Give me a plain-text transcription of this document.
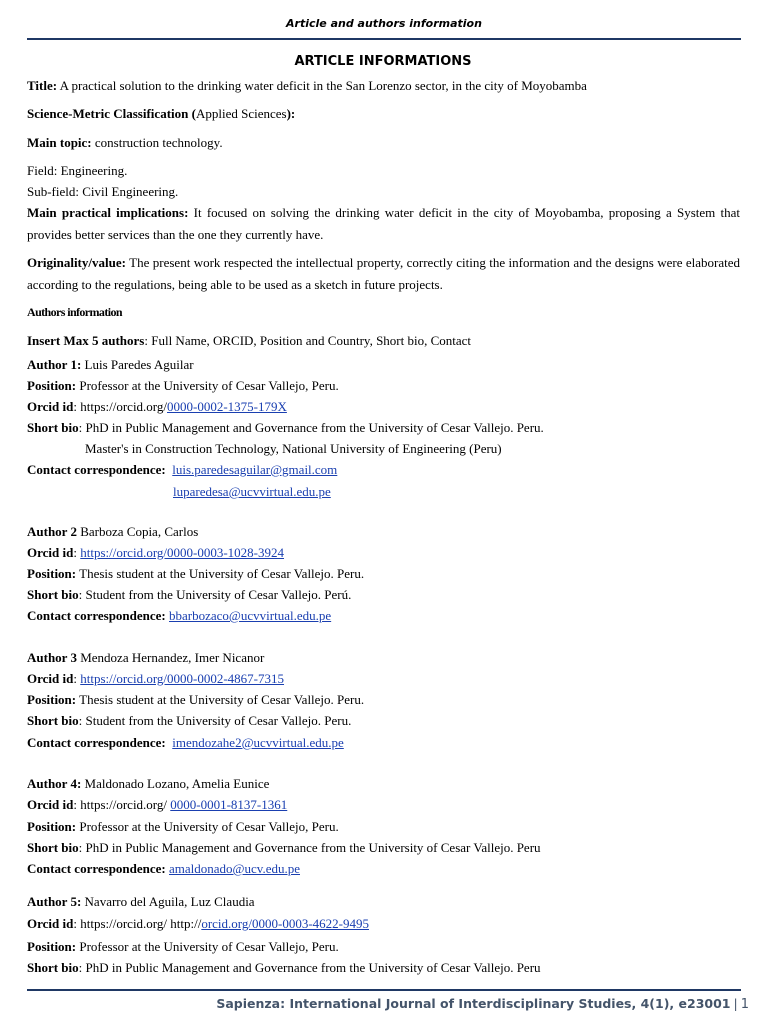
Article and authors information
ARTICLE INFORMATIONS
Title: A practical solution to the drinking water deficit in the San Lorenzo sector, in the city of Moyobamba
Science-Metric Classification (Applied Sciences):
Main topic: construction technology.
Field: Engineering.
Sub-field: Civil Engineering.
Main practical implications: It focused on solving the drinking water deficit in the city of Moyobamba, proposing a System that provides better services than the one they currently have.
Originality/value: The present work respected the intellectual property, correctly citing the information and the designs were elaborated according to the regulations, being able to be used as a sketch in future projects.
Authors information
Insert Max 5 authors: Full Name, ORCID, Position and Country, Short bio, Contact
Author 1: Luis Paredes Aguilar
Position: Professor at the University of Cesar Vallejo, Peru.
Orcid id: https://orcid.org/0000-0002-1375-179X
Short bio: PhD in Public Management and Governance from the University of Cesar Vallejo. Peru.
Master's in Construction Technology, National University of Engineering (Peru)
Contact correspondence: luis.paredesaguilar@gmail.com
luparedesa@ucvvirtual.edu.pe
Author 2 Barboza Copia, Carlos
Orcid id: https://orcid.org/0000-0003-1028-3924
Position: Thesis student at the University of Cesar Vallejo. Peru.
Short bio: Student from the University of Cesar Vallejo. Perú.
Contact correspondence: bbarbozaco@ucvvirtual.edu.pe
Author 3 Mendoza Hernandez, Imer Nicanor
Orcid id: https://orcid.org/0000-0002-4867-7315
Position: Thesis student at the University of Cesar Vallejo. Peru.
Short bio: Student from the University of Cesar Vallejo. Peru.
Contact correspondence: imendozahe2@ucvvirtual.edu.pe
Author 4: Maldonado Lozano, Amelia Eunice
Orcid id: https://orcid.org/ 0000-0001-8137-1361
Position: Professor at the University of Cesar Vallejo, Peru.
Short bio: PhD in Public Management and Governance from the University of Cesar Vallejo. Peru
Contact correspondence: amaldonado@ucv.edu.pe
Author 5: Navarro del Aguila, Luz Claudia
Orcid id: https://orcid.org/ http://orcid.org/0000-0003-4622-9495
Position: Professor at the University of Cesar Vallejo, Peru.
Short bio: PhD in Public Management and Governance from the University of Cesar Vallejo. Peru
Sapienza: International Journal of Interdisciplinary Studies, 4(1), e23001 | 1
